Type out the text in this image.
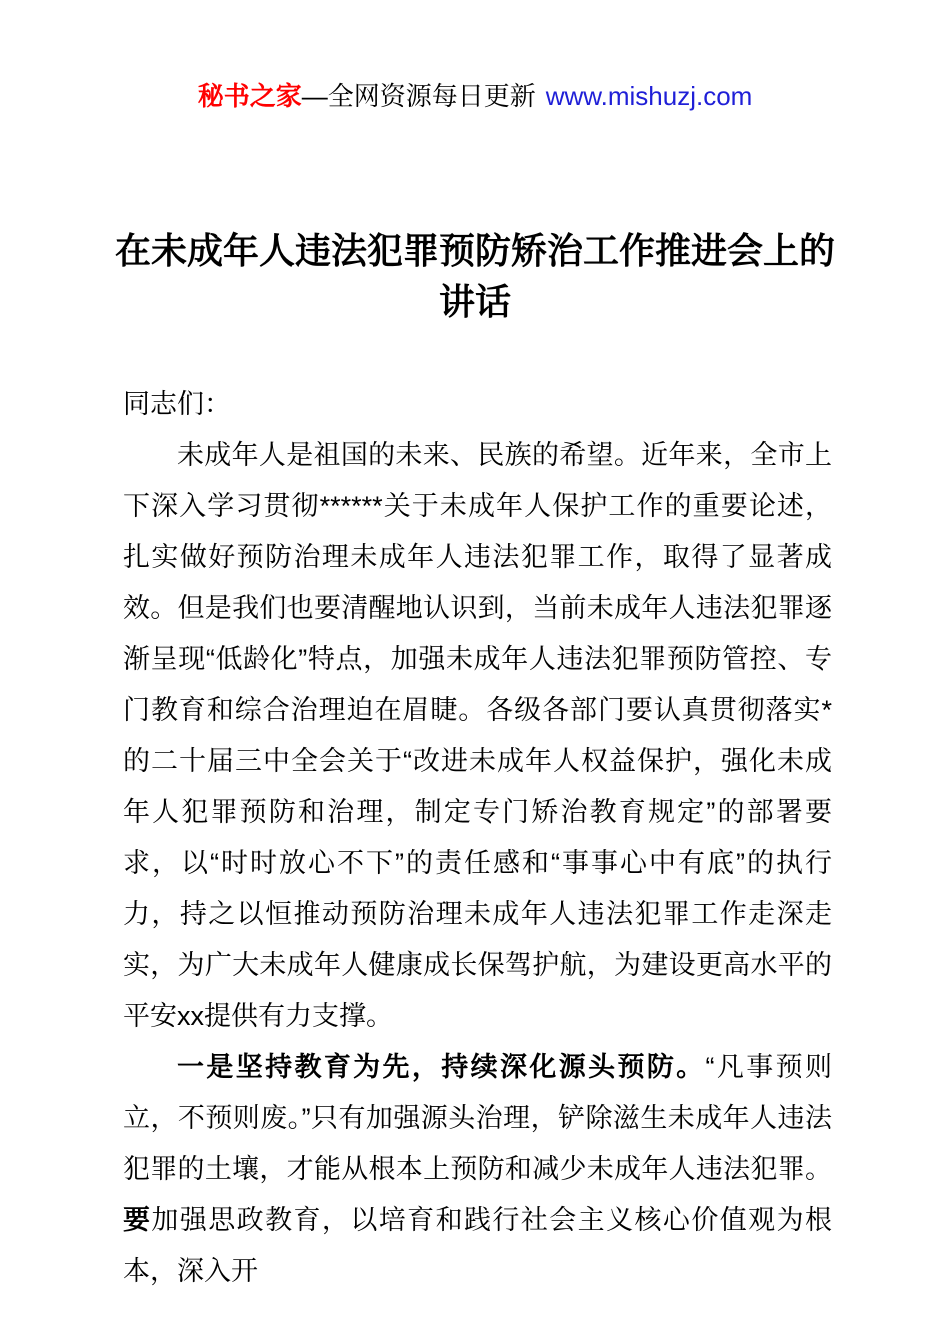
秘书之家—全网资源每日更新 www.mishuzj.com
在未成年人违法犯罪预防矫治工作推进会上的讲话

同志们：

未成年人是祖国的未来、民族的希望。近年来，全市上下深入学习贯彻******关于未成年人保护工作的重要论述，扎实做好预防治理未成年人违法犯罪工作，取得了显著成效。但是我们也要清醒地认识到，当前未成年人违法犯罪逐渐呈现“低龄化”特点，加强未成年人违法犯罪预防管控、专门教育和综合治理迫在眉睫。各级各部门要认真贯彻落实*的二十届三中全会关于“改进未成年人权益保护，强化未成年人犯罪预防和治理，制定专门矫治教育规定”的部署要求，以“时时放心不下”的责任感和“事事心中有底”的执行力，持之以恒推动预防治理未成年人违法犯罪工作走深走实，为广大未成年人健康成长保驾护航，为建设更高水平的平安xx提供有力支撑。

一是坚持教育为先，持续深化源头预防。“凡事预则立，不预则废。”只有加强源头治理，铲除滋生未成年人违法犯罪的土壤，才能从根本上预防和减少未成年人违法犯罪。要加强思政教育，以培育和践行社会主义核心价值观为根本，深入开
